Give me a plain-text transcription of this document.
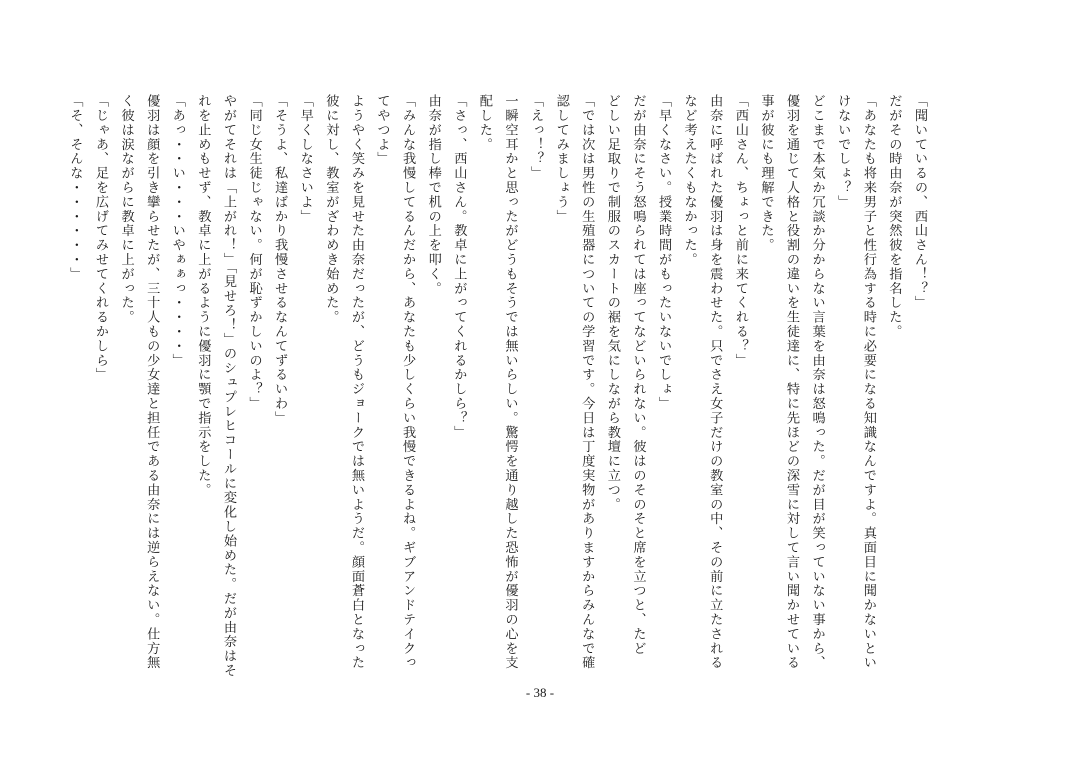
「聞いているの、西山さん！？」

だがその時由奈が突然彼を指名した。

「あなたも将来男子と性行為する時に必要になる知識なんですよ。真面目に聞かないとい

けないでしょ？」

どこまで本気か冗談か分からない言葉を由奈は怒鳴った。だが目が笑っていない事から、

優羽を通じて人格と役割の違いを生徒達に、特に先ほどの深雪に対して言い聞かせている

事が彼にも理解できた。

「西山さん、ちょっと前に来てくれる？」

由奈に呼ばれた優羽は身を震わせた。只でさえ女子だけの教室の中、その前に立たされる

など考えたくもなかった。

「早くなさい。授業時間がもったいないでしょ」

だが由奈にそう怒鳴られては座ってなどいられない。彼はのそのそと席を立つと、たど

どしい足取りで制服のスカートの裾を気にしながら教壇に立つ。

「では次は男性の生殖器についての学習です。今日は丁度実物がありますからみんなで確

認してみましょう」

「えっ！？」

一瞬空耳かと思ったがどうもそうでは無いらしい。驚愕を通り越した恐怖が優羽の心を支

配した。

「さっ、西山さん。教卓に上がってくれるかしら？」

由奈が指し棒で机の上を叩く。

「みんな我慢してるんだから、あなたも少しくらい我慢できるよね。ギブアンドテイクっ

てやつよ」

ようやく笑みを見せた由奈だったが、どうもジョークでは無いようだ。顔面蒼白となった

彼に対し、教室がざわめき始めた。

「早くしなさいよ」

「そうよ、私達ばかり我慢させるなんてずるいわ」

「同じ女生徒じゃない。何が恥ずかしいのよ？」

やがてそれは「上がれ！」「見せろ！」のシュプレヒコールに変化し始めた。だが由奈はそ

れを止めもせず、教卓に上がるように優羽に顎で指示をした。

「あっ・・い・・・いやぁぁっ・・・・」

優羽は顔を引き攣らせたが、三十人もの少女達と担任である由奈には逆らえない。仕方無

く彼は涙ながらに教卓に上がった。

「じゃあ、足を広げてみせてくれるかしら」

「そ、そんな・・・・・・」

- 38 -
